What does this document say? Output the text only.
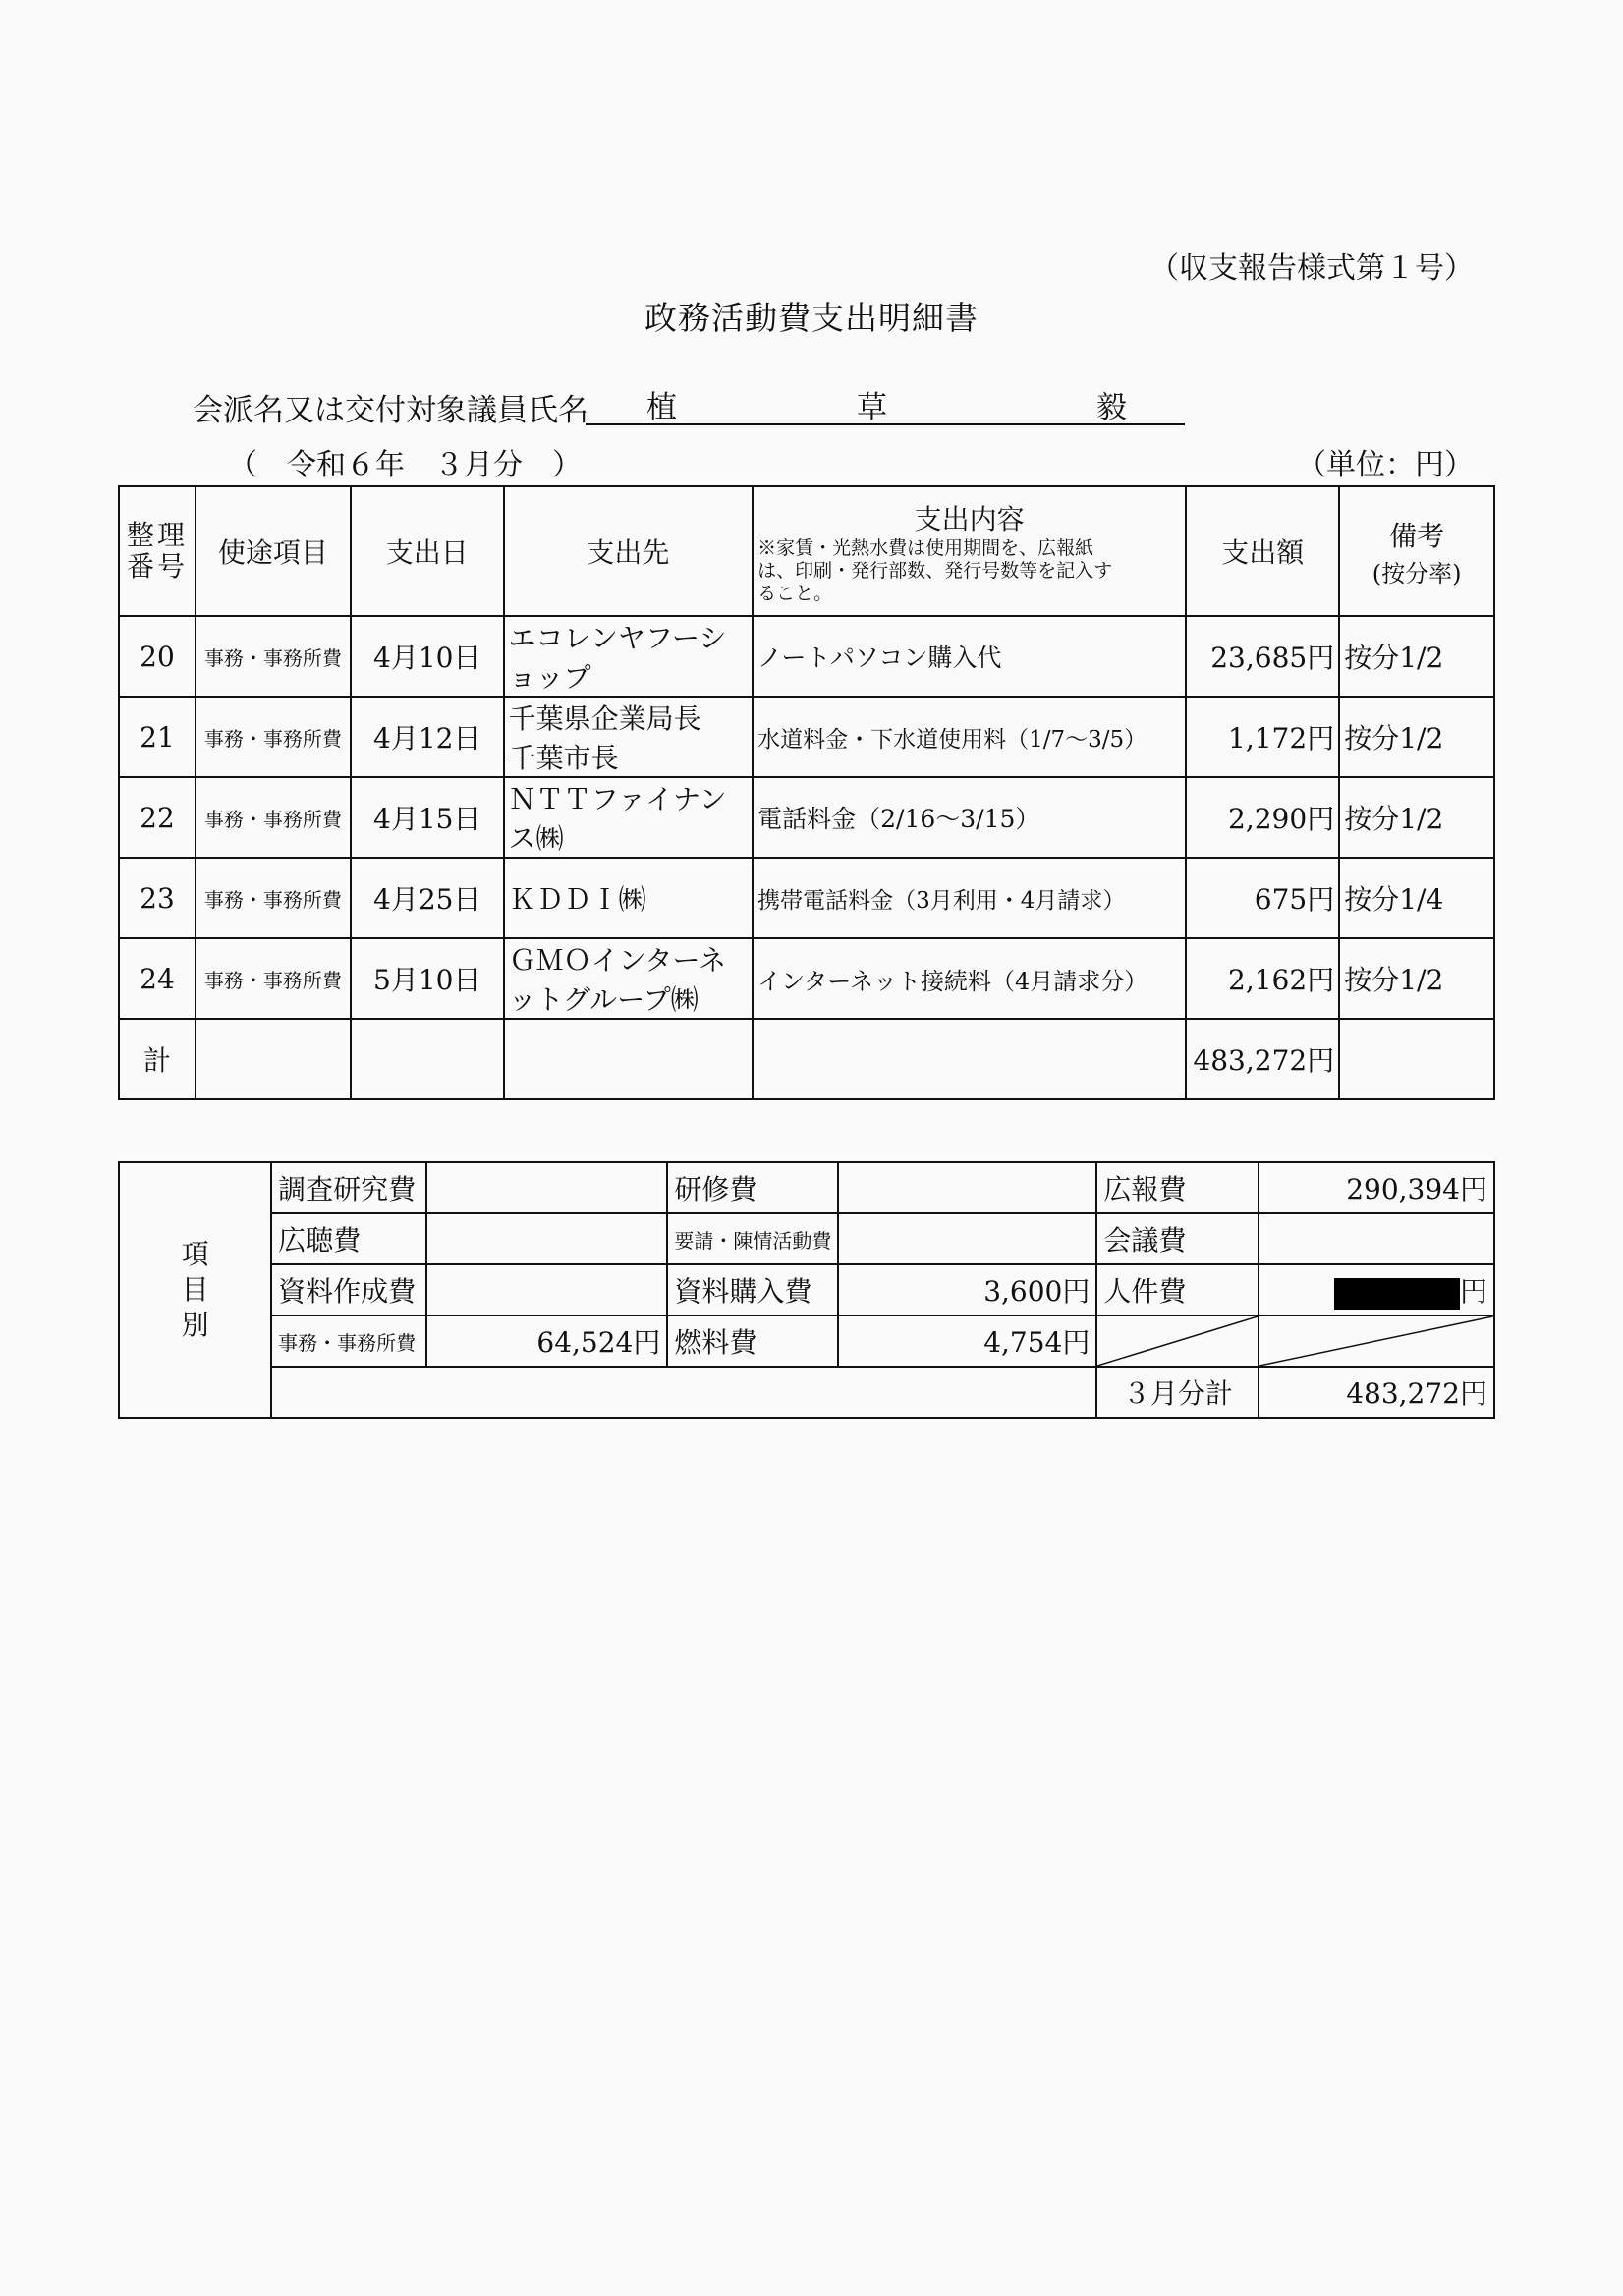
（収支報告様式第１号）
政務活動費支出明細書
会派名又は交付対象議員氏名 植	草	毅
（　令和６年　３月分　）	（単位：円）
整理番号	使途項目	支出日	支出先	支出内容
※家賃・光熱水費は使用期間を、広報紙
は、印刷・発行部数、発行号数等を記入す
ること。	支出額	備考
(按分率)

20	事務・事務所費	4月10日	エコレンヤフーショップ	ノートパソコン購入代	23,685円	按分1/2
21	事務・事務所費	4月12日	千葉県企業局長　千葉市長	水道料金・下水道使用料（1/7～3/5）	1,172円	按分1/2
22	事務・事務所費	4月15日	ＮＴＴファイナンス㈱	電話料金（2/16～3/15）	2,290円	按分1/2
23	事務・事務所費	4月25日	ＫＤＤＩ㈱	携帯電話料金（3月利用・4月請求）	675円	按分1/4
24	事務・事務所費	5月10日	ＧＭＯインターネットグループ㈱	インターネット接続料（4月請求分）	2,162円	按分1/2
計					483,272円	
項
目
別	調査研究費		研修費		広報費	290,394円
	広聴費		要請・陳情活動費		会議費	
	資料作成費		資料購入費	3,600円	人件費	円
	事務・事務所費	64,524円	燃料費	4,754円	

					３月分計	483,272円
